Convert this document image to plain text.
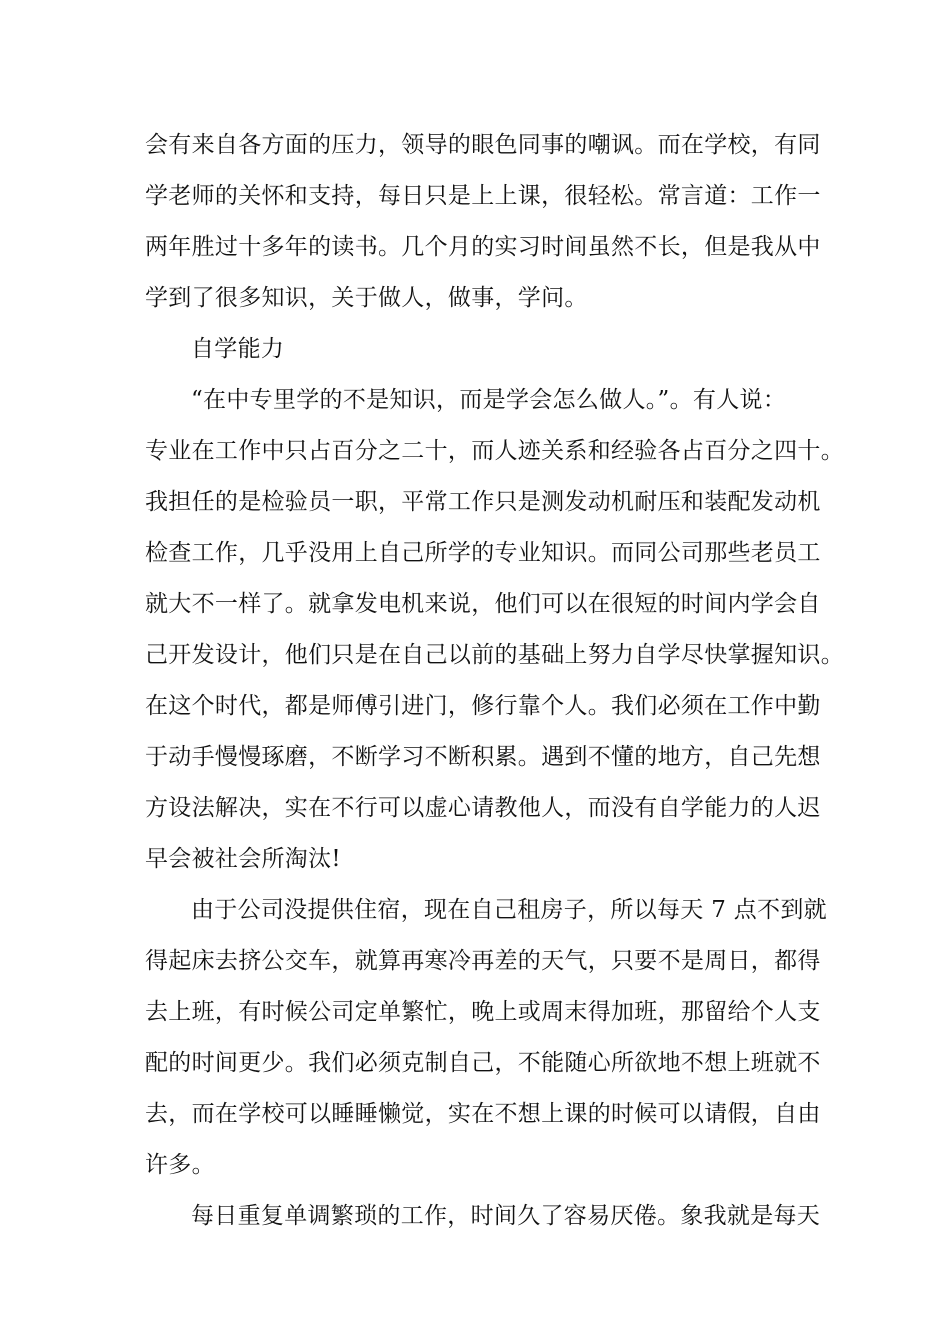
会有来自各方面的压力，领导的眼色同事的嘲讽。而在学校，有同
学老师的关怀和支持，每日只是上上课，很轻松。常言道：工作一
两年胜过十多年的读书。几个月的实习时间虽然不长，但是我从中
学到了很多知识，关于做人，做事，学问。
自学能力
“在中专里学的不是知识，而是学会怎么做人。”。有人说：
专业在工作中只占百分之二十，而人迹关系和经验各占百分之四十。
我担任的是检验员一职，平常工作只是测发动机耐压和装配发动机
检查工作，几乎没用上自己所学的专业知识。而同公司那些老员工
就大不一样了。就拿发电机来说，他们可以在很短的时间内学会自
己开发设计，他们只是在自己以前的基础上努力自学尽快掌握知识。
在这个时代，都是师傅引进门，修行靠个人。我们必须在工作中勤
于动手慢慢琢磨，不断学习不断积累。遇到不懂的地方，自己先想
方设法解决，实在不行可以虚心请教他人，而没有自学能力的人迟
早会被社会所淘汰!
由于公司没提供住宿，现在自己租房子，所以每天 7 点不到就
得起床去挤公交车，就算再寒冷再差的天气，只要不是周日，都得
去上班，有时候公司定单繁忙，晚上或周末得加班，那留给个人支
配的时间更少。我们必须克制自己，不能随心所欲地不想上班就不
去，而在学校可以睡睡懒觉，实在不想上课的时候可以请假，自由
许多。
每日重复单调繁琐的工作，时间久了容易厌倦。象我就是每天
